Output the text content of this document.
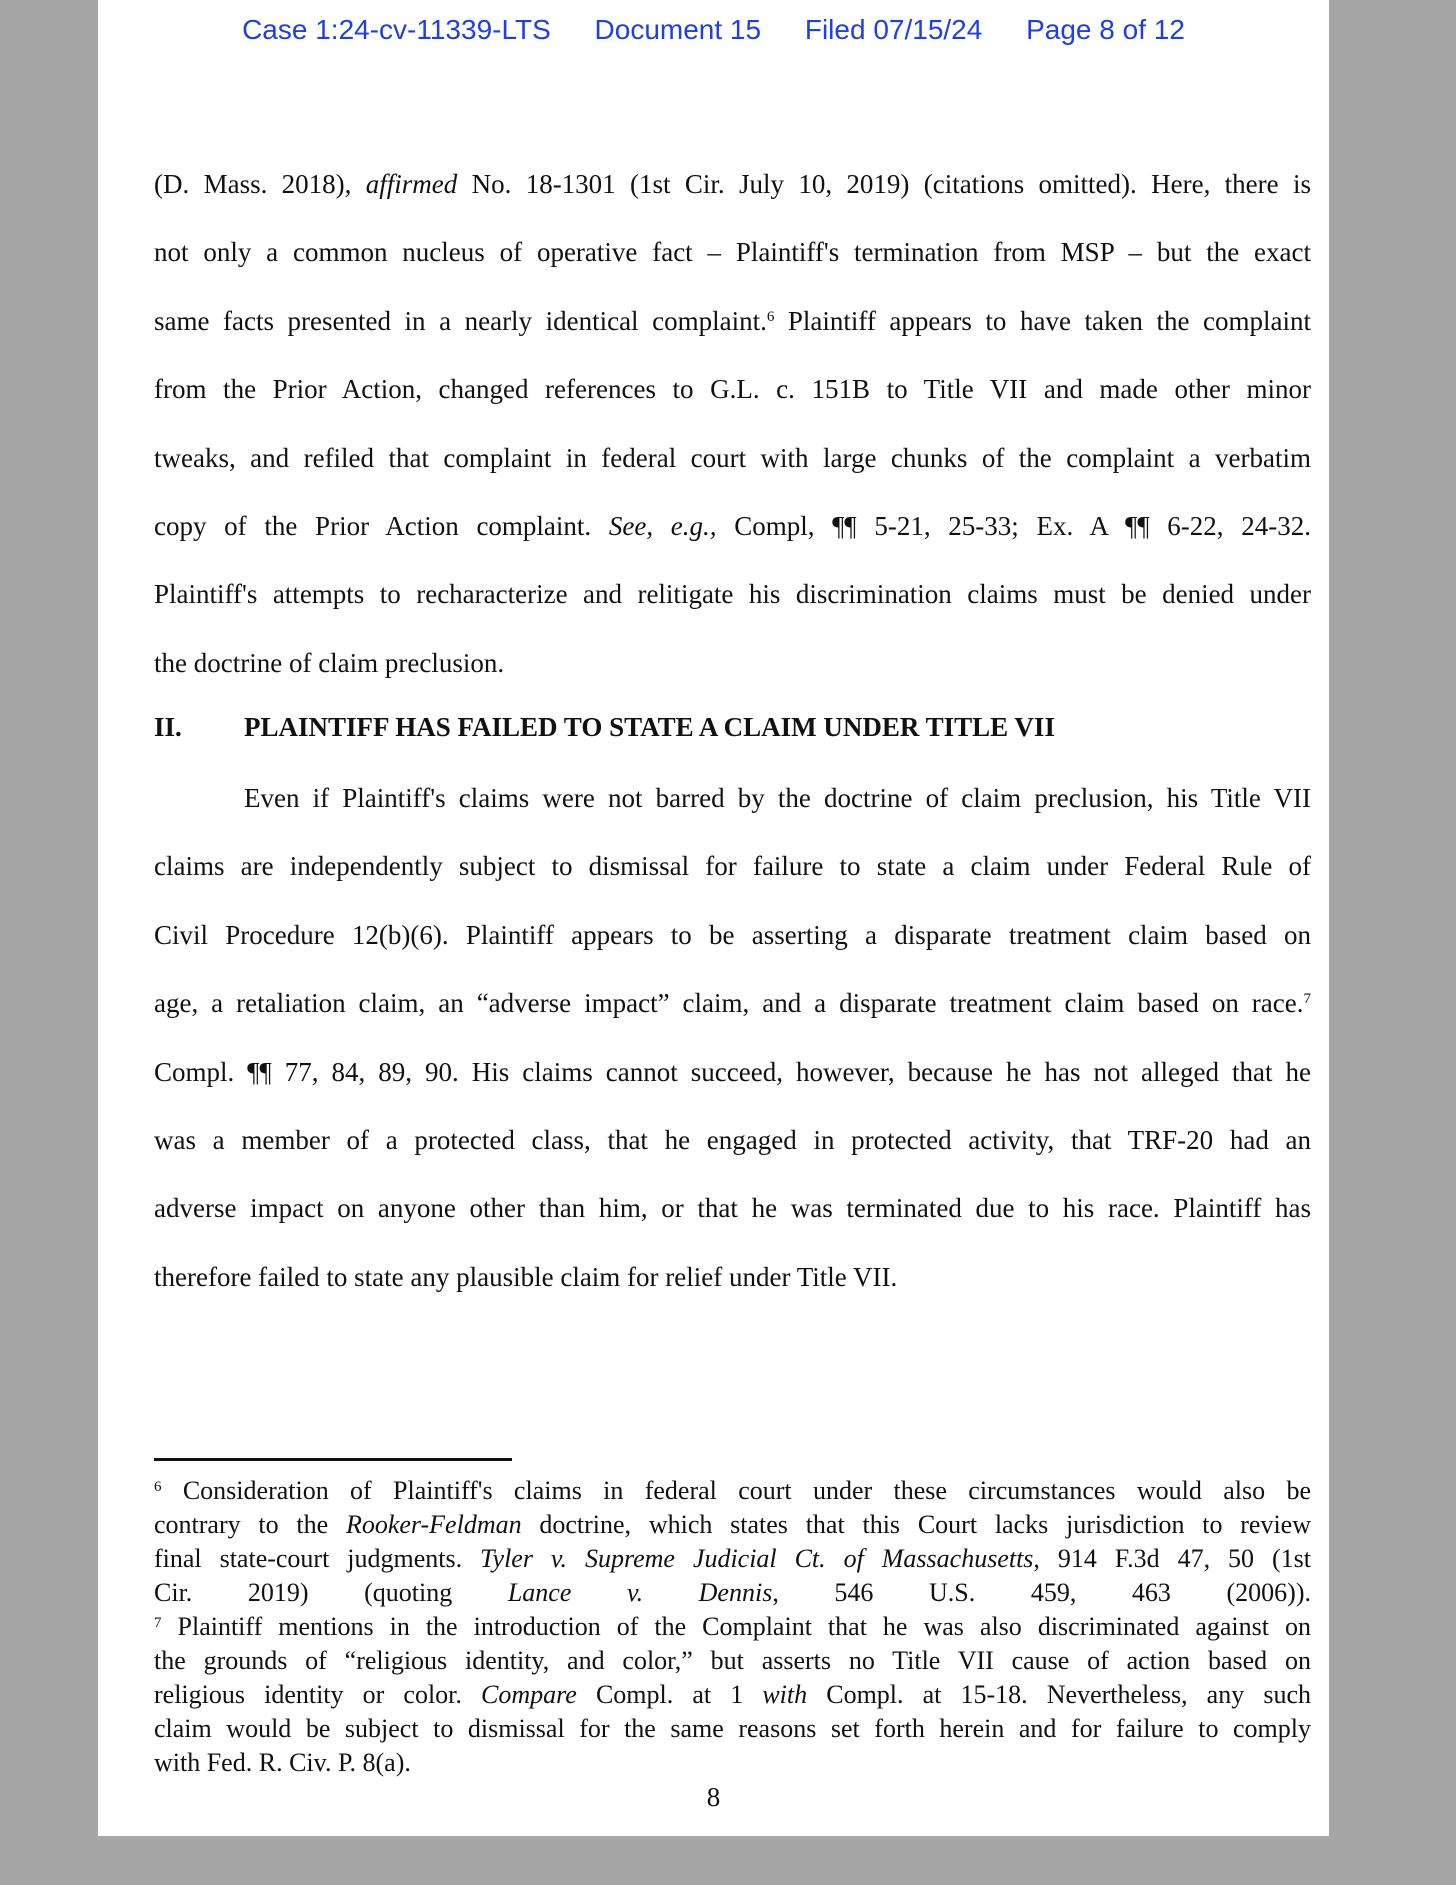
Case 1:24-cv-11339-LTS Document 15 Filed 07/15/24 Page 8 of 12
(D. Mass. 2018), affirmed No. 18-1301 (1st Cir. July 10, 2019) (citations omitted). Here, there is
not only a common nucleus of operative fact – Plaintiff's termination from MSP – but the exact
same facts presented in a nearly identical complaint.$^6$ Plaintiff appears to have taken the complaint
from the Prior Action, changed references to G.L. c. 151B to Title VII and made other minor
tweaks, and refiled that complaint in federal court with large chunks of the complaint a verbatim
copy of the Prior Action complaint. See, e.g., Compl, ¶¶ 5-21, 25-33; Ex. A ¶¶ 6-22, 24-32.
Plaintiff's attempts to recharacterize and relitigate his discrimination claims must be denied under
the doctrine of claim preclusion.
II. PLAINTIFF HAS FAILED TO STATE A CLAIM UNDER TITLE VII
Even if Plaintiff's claims were not barred by the doctrine of claim preclusion, his Title VII
claims are independently subject to dismissal for failure to state a claim under Federal Rule of
Civil Procedure 12(b)(6). Plaintiff appears to be asserting a disparate treatment claim based on
age, a retaliation claim, an “adverse impact” claim, and a disparate treatment claim based on race.$^7$
Compl. ¶¶ 77, 84, 89, 90. His claims cannot succeed, however, because he has not alleged that he
was a member of a protected class, that he engaged in protected activity, that TRF-20 had an
adverse impact on anyone other than him, or that he was terminated due to his race. Plaintiff has
therefore failed to state any plausible claim for relief under Title VII.
$^6$ Consideration of Plaintiff's claims in federal court under these circumstances would also be
contrary to the Rooker-Feldman doctrine, which states that this Court lacks jurisdiction to review
final state-court judgments. Tyler v. Supreme Judicial Ct. of Massachusetts, 914 F.3d 47, 50 (1st
Cir. 2019) (quoting Lance v. Dennis, 546 U.S. 459, 463 (2006)).
$^7$ Plaintiff mentions in the introduction of the Complaint that he was also discriminated against on
the grounds of “religious identity, and color,” but asserts no Title VII cause of action based on
religious identity or color. Compare Compl. at 1 with Compl. at 15-18. Nevertheless, any such
claim would be subject to dismissal for the same reasons set forth herein and for failure to comply
with Fed. R. Civ. P. 8(a).
8
